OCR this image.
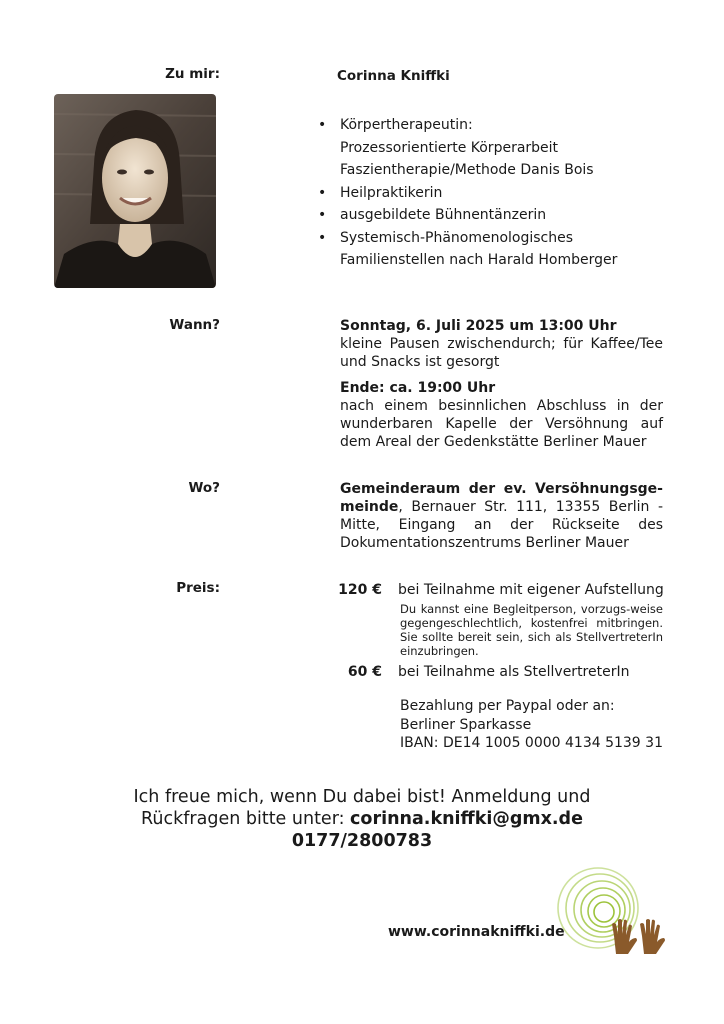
Zu mir:	Corinna Kniffki
• Körpertherapeutin:
Prozessorientierte Körperarbeit
Faszientherapie/Methode Danis Bois
• Heilpraktikerin
• ausgebildete Bühnentänzerin
• Systemisch-Phänomenologisches
Familienstellen nach Harald Homberger
Wann?	Sonntag, 6. Juli 2025 um 13:00 Uhr
kleine Pausen zwischendurch; für Kaffee/Tee und Snacks ist gesorgt
Ende: ca. 19:00 Uhr
nach einem besinnlichen Abschluss in der wunderbaren Kapelle der Versöhnung auf dem Areal der Gedenkstätte Berliner Mauer
Wo?	Gemeinderaum der ev. Versöhnungsge-meinde, Bernauer Str. 111, 13355 Berlin - Mitte, Eingang an der Rückseite des Dokumentationszentrums Berliner Mauer
Preis:	120 € bei Teilnahme mit eigener Aufstellung
Du kannst eine Begleitperson, vorzugs-weise gegengeschlechtlich, kostenfrei mitbringen. Sie sollte bereit sein, sich als StellvertreterIn einzubringen.
60 € bei Teilnahme als StellvertreterIn
Bezahlung per Paypal oder an:
Berliner Sparkasse
IBAN: DE14 1005 0000 4134 5139 31
Ich freue mich, wenn Du dabei bist! Anmeldung und
Rückfragen bitte unter: corinna.kniffki@gmx.de
0177/2800783
www.corinnakniffki.de
